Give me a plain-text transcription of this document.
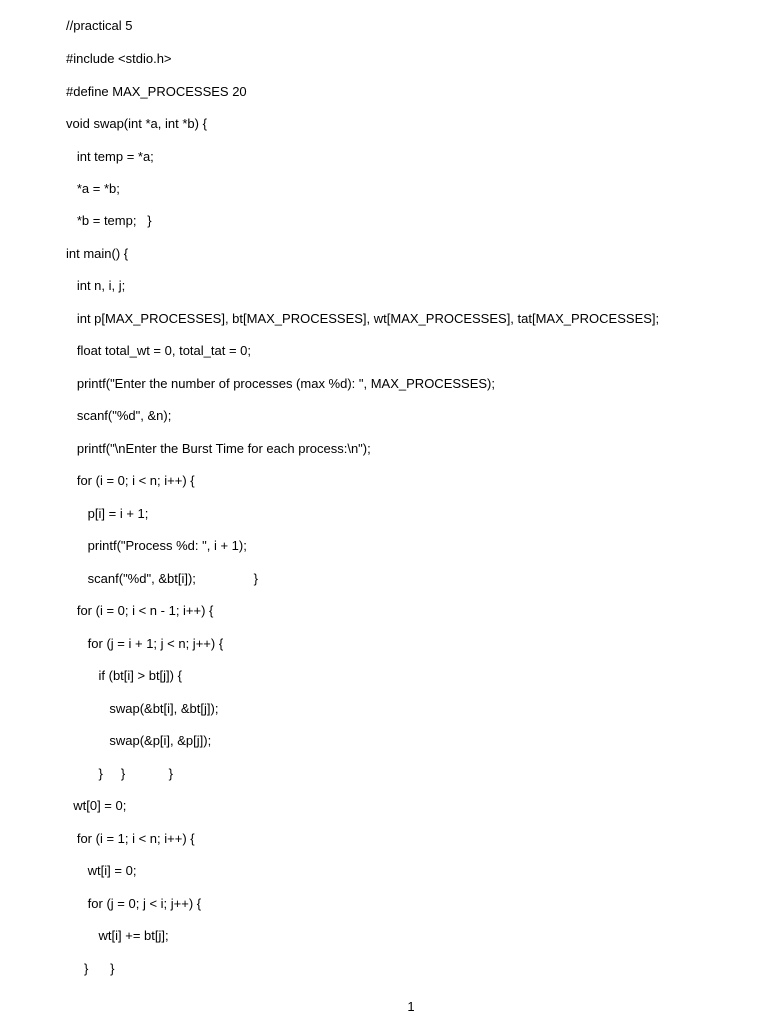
//practical 5
#include <stdio.h>
#define MAX_PROCESSES 20
void swap(int *a, int *b) {
int temp = *a;
*a = *b;
*b = temp;   }
int main() {
int n, i, j;
int p[MAX_PROCESSES], bt[MAX_PROCESSES], wt[MAX_PROCESSES], tat[MAX_PROCESSES];
float total_wt = 0, total_tat = 0;
printf("Enter the number of processes (max %d): ", MAX_PROCESSES);
scanf("%d", &n);
printf("\nEnter the Burst Time for each process:\n");
for (i = 0; i < n; i++) {
p[i] = i + 1;
printf("Process %d: ", i + 1);
scanf("%d", &bt[i]);                }
for (i = 0; i < n - 1; i++) {
for (j = i + 1; j < n; j++) {
if (bt[i] > bt[j]) {
swap(&bt[i], &bt[j]);
swap(&p[i], &p[j]);
}     }            }
wt[0] = 0;
for (i = 1; i < n; i++) {
wt[i] = 0;
for (j = 0; j < i; j++) {
wt[i] += bt[j];
}      }
1
